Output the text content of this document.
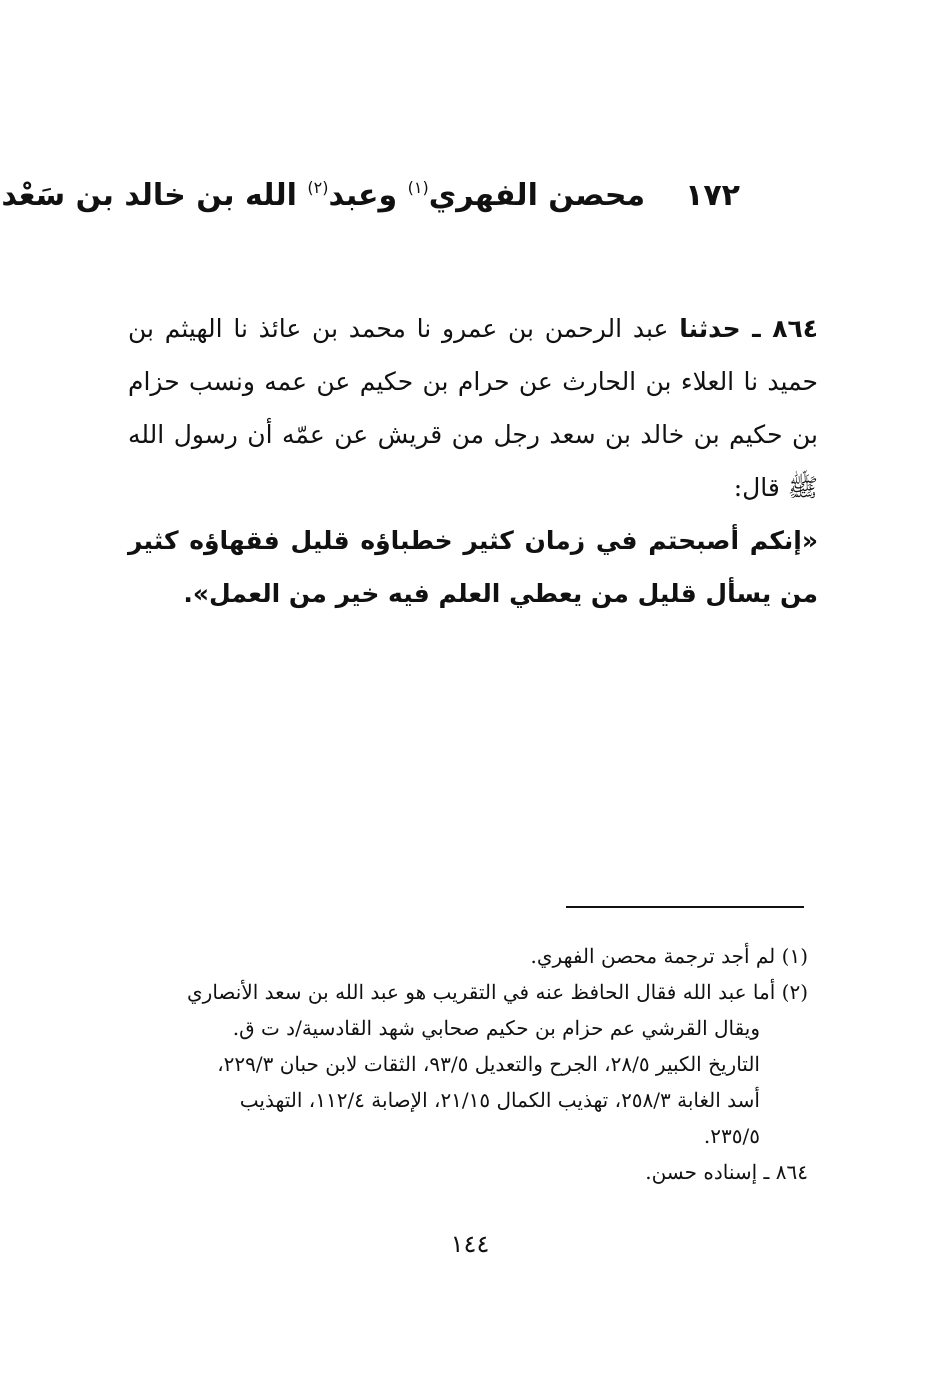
١٧٢محصن الفهري$^{(١)}$ وعبد$^{(٢)}$ الله بن خالد بن سَعْد

٨٦٤ ـ حدثنا عبد الرحمن بن عمرو نا محمد بن عائذ نا الهيثم بن حميد نا العلاء بن الحارث عن حرام بن حكيم عن عمه ونسب حزام بن حكيم بن خالد بن سعد رجل من قريش عن عمّه أن رسول الله ﷺ قال:

«إنكم أصبحتم في زمان كثير خطباؤه قليل فقهاؤه كثير من يسأل قليل من يعطي العلم فيه خير من العمل».

(١) لم أجد ترجمة محصن الفهري.

(٢) أما عبد الله فقال الحافظ عنه في التقريب هو عبد الله بن سعد الأنصاري

ويقال القرشي عم حزام بن حكيم صحابي شهد القادسية/د ت ق.

التاريخ الكبير ٢٨/٥، الجرح والتعديل ٩٣/٥، الثقات لابن حبان ٢٢٩/٣،

أسد الغابة ٢٥٨/٣، تهذيب الكمال ٢١/١٥، الإصابة ١١٢/٤، التهذيب

٢٣٥/٥.

٨٦٤ ـ إسناده حسن.

١٤٤
